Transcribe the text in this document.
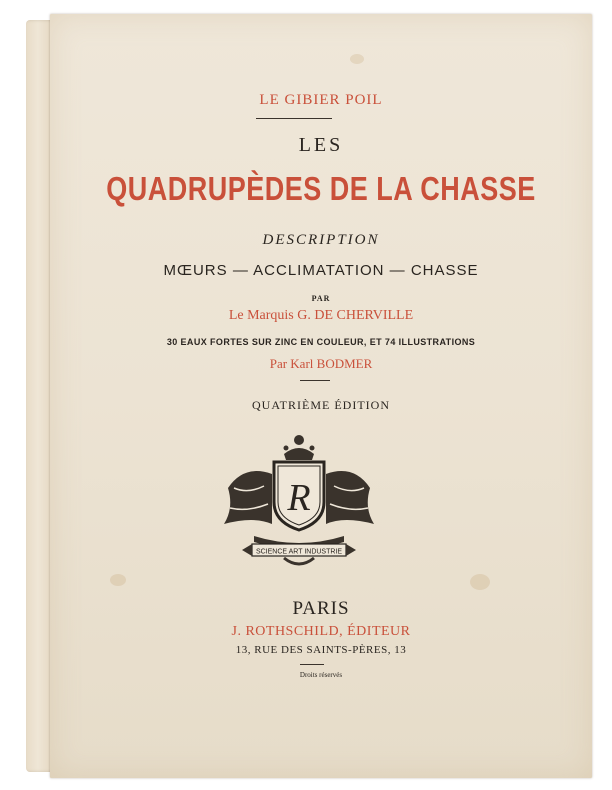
LE GIBIER POIL
LES
QUADRUPÈDES DE LA CHASSE
DESCRIPTION
MŒURS — ACCLIMATATION — CHASSE
PAR
Le Marquis G. DE CHERVILLE
30 EAUX FORTES SUR ZINC EN COULEUR, ET 74 ILLUSTRATIONS
Par Karl BODMER
QUATRIÈME ÉDITION
R
SCIENCE ART INDUSTRIE
PARIS
J. ROTHSCHILD, ÉDITEUR
13, RUE DES SAINTS-PÈRES, 13
Droits réservés
